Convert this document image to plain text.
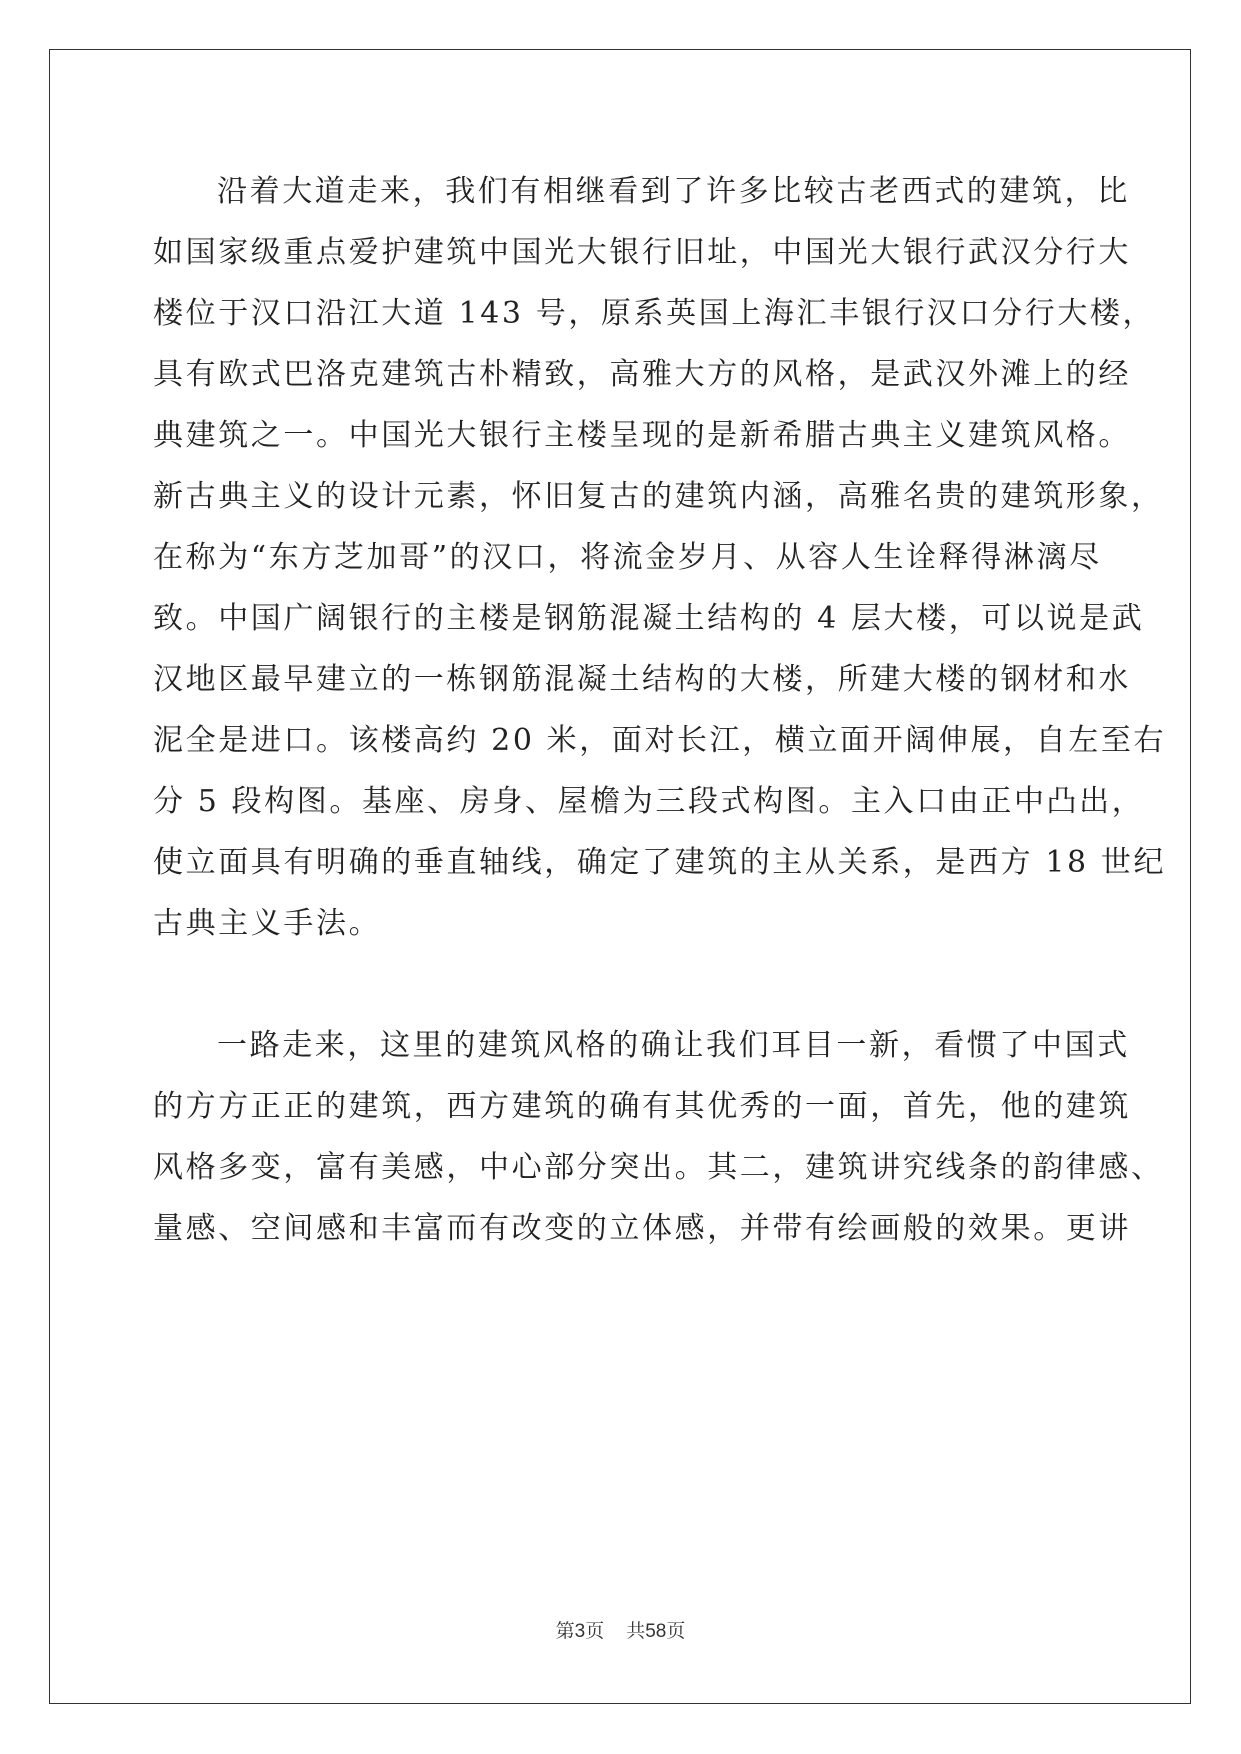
沿着大道走来，我们有相继看到了许多比较古老西式的建筑，比
如国家级重点爱护建筑中国光大银行旧址，中国光大银行武汉分行大
楼位于汉口沿江大道 143 号，原系英国上海汇丰银行汉口分行大楼，
具有欧式巴洛克建筑古朴精致，高雅大方的风格，是武汉外滩上的经
典建筑之一。中国光大银行主楼呈现的是新希腊古典主义建筑风格。
新古典主义的设计元素，怀旧复古的建筑内涵，高雅名贵的建筑形象，
在称为“东方芝加哥”的汉口，将流金岁月、从容人生诠释得淋漓尽
致。中国广阔银行的主楼是钢筋混凝土结构的 4 层大楼，可以说是武
汉地区最早建立的一栋钢筋混凝土结构的大楼，所建大楼的钢材和水
泥全是进口。该楼高约 20 米，面对长江，横立面开阔伸展，自左至右
分 5 段构图。基座、房身、屋檐为三段式构图。主入口由正中凸出，
使立面具有明确的垂直轴线，确定了建筑的主从关系，是西方 18 世纪
古典主义手法。
一路走来，这里的建筑风格的确让我们耳目一新，看惯了中国式
的方方正正的建筑，西方建筑的确有其优秀的一面，首先，他的建筑
风格多变，富有美感，中心部分突出。其二，建筑讲究线条的韵律感、
量感、空间感和丰富而有改变的立体感，并带有绘画般的效果。更讲
第3页 共58页
